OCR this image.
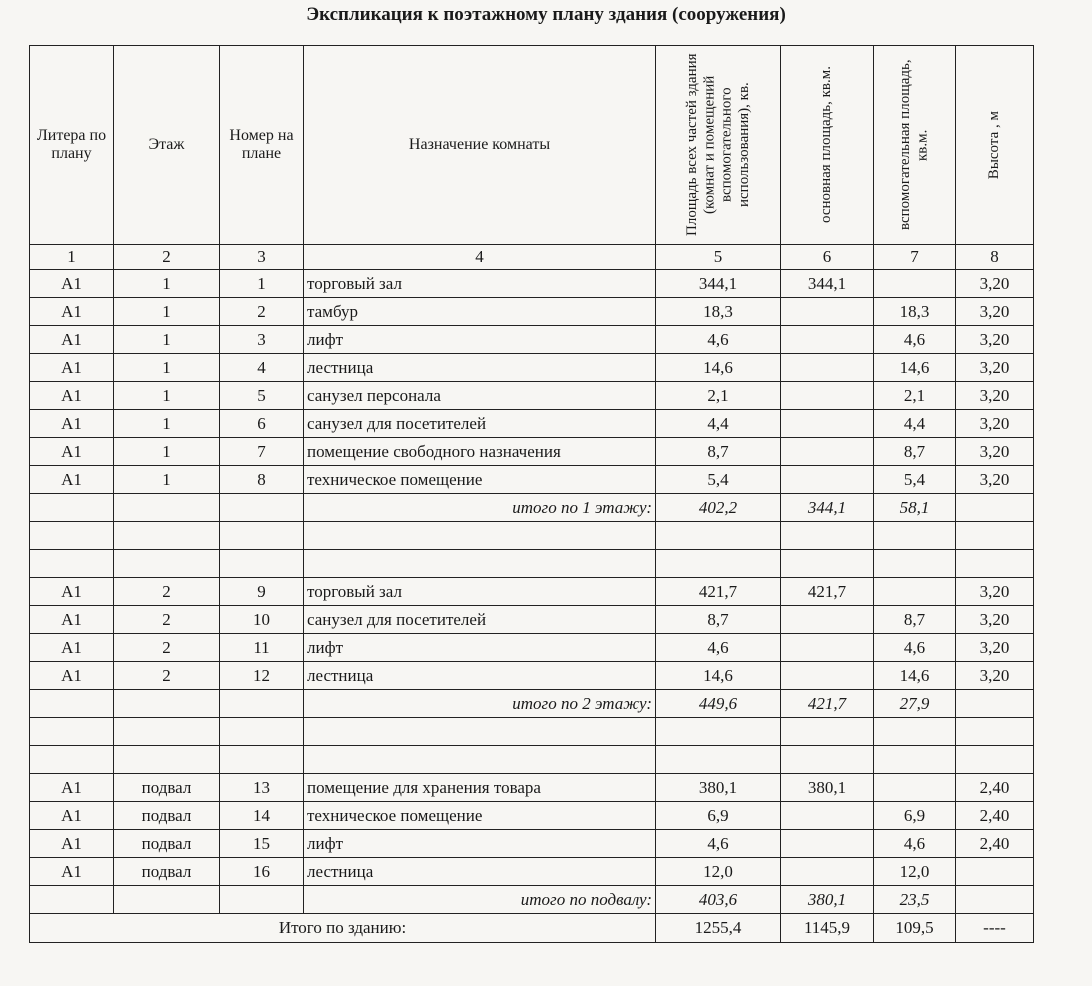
Экспликация к поэтажному плану здания (сооружения)
Литера по плану	Этаж	Номер на плане	Назначение комнаты	Площадь всех частей здания (комнат и помещений вспомогательного использования), кв.	основная площадь, кв.м.	вспомогательная площадь, кв.м.	Высота , м

1	2	3	4	5	6	7	8
А1	1	1	торговый зал	344,1	344,1		3,20
А1	1	2	тамбур	18,3		18,3	3,20
А1	1	3	лифт	4,6		4,6	3,20
А1	1	4	лестница	14,6		14,6	3,20
А1	1	5	санузел персонала	2,1		2,1	3,20
А1	1	6	санузел для посетителей	4,4		4,4	3,20
А1	1	7	помещение свободного назначения	8,7		8,7	3,20
А1	1	8	техническое помещение	5,4		5,4	3,20
			итого по 1 этажу:	402,2	344,1	58,1	

А1	2	9	торговый зал	421,7	421,7		3,20
А1	2	10	санузел для посетителей	8,7		8,7	3,20
А1	2	11	лифт	4,6		4,6	3,20
А1	2	12	лестница	14,6		14,6	3,20
			итого по 2 этажу:	449,6	421,7	27,9	

А1	подвал	13	помещение для хранения товара	380,1	380,1		2,40
А1	подвал	14	техническое помещение	6,9		6,9	2,40
А1	подвал	15	лифт	4,6		4,6	2,40
А1	подвал	16	лестница	12,0		12,0	
			итого по подвалу:	403,6	380,1	23,5	
Итого по зданию:				1255,4	1145,9	109,5	----
